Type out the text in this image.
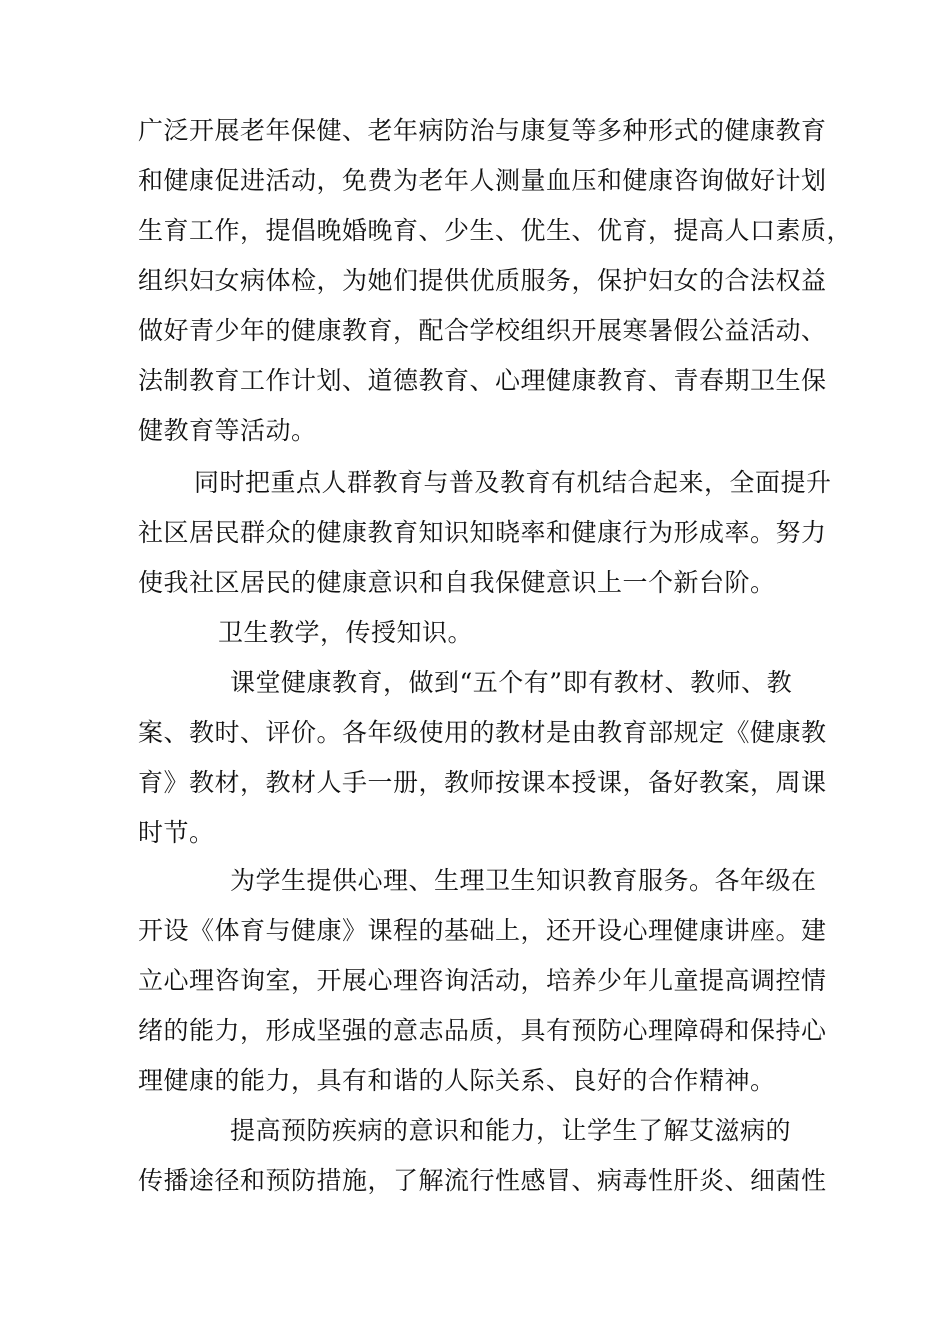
广泛开展老年保健、老年病防治与康复等多种形式的健康教育
和健康促进活动，免费为老年人测量血压和健康咨询做好计划
生育工作，提倡晚婚晚育、少生、优生、优育，提高人口素质，
组织妇女病体检，为她们提供优质服务，保护妇女的合法权益
做好青少年的健康教育，配合学校组织开展寒暑假公益活动、
法制教育工作计划、道德教育、心理健康教育、青春期卫生保
健教育等活动。
同时把重点人群教育与普及教育有机结合起来，全面提升
社区居民群众的健康教育知识知晓率和健康行为形成率。努力
使我社区居民的健康意识和自我保健意识上一个新台阶。
卫生教学，传授知识。
课堂健康教育，做到“五个有”即有教材、教师、教
案、教时、评价。各年级使用的教材是由教育部规定《健康教
育》教材，教材人手一册，教师按课本授课，备好教案，周课
时节。
为学生提供心理、生理卫生知识教育服务。各年级在
开设《体育与健康》课程的基础上，还开设心理健康讲座。建
立心理咨询室，开展心理咨询活动，培养少年儿童提高调控情
绪的能力，形成坚强的意志品质，具有预防心理障碍和保持心
理健康的能力，具有和谐的人际关系、良好的合作精神。
提高预防疾病的意识和能力，让学生了解艾滋病的
传播途径和预防措施，了解流行性感冒、病毒性肝炎、细菌性
